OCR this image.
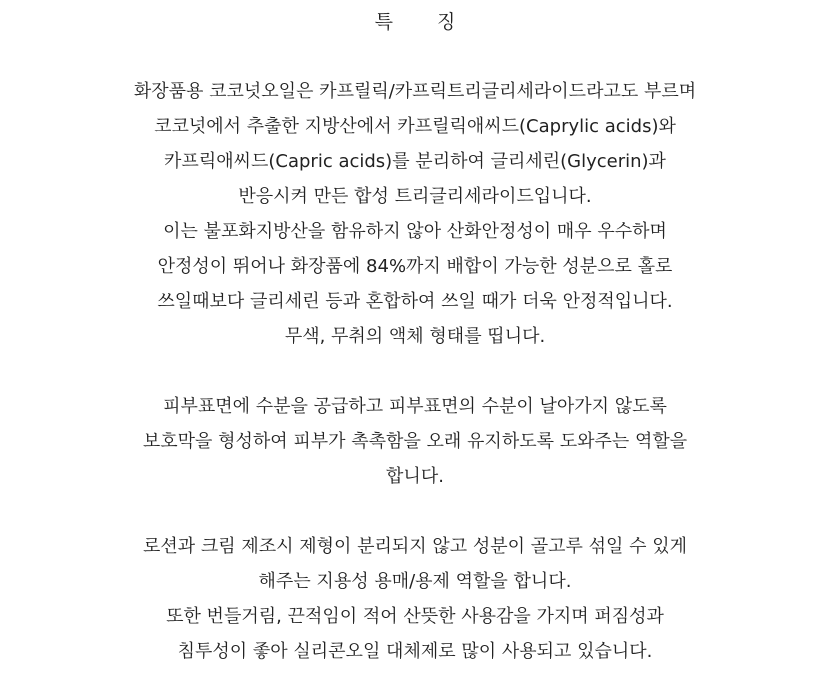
특 징
화장품용 코코넛오일은 카프릴릭/카프릭트리글리세라이드라고도 부르며
코코넛에서 추출한 지방산에서 카프릴릭애씨드(Caprylic acids)와
카프릭애씨드(Capric acids)를 분리하여 글리세린(Glycerin)과
반응시켜 만든 합성 트리글리세라이드입니다.
이는 불포화지방산을 함유하지 않아 산화안정성이 매우 우수하며
안정성이 뛰어나 화장품에 84%까지 배합이 가능한 성분으로 홀로
쓰일때보다 글리세린 등과 혼합하여 쓰일 때가 더욱 안정적입니다.
무색, 무취의 액체 형태를 띱니다.
피부표면에 수분을 공급하고 피부표면의 수분이 날아가지 않도록
보호막을 형성하여 피부가 촉촉함을 오래 유지하도록 도와주는 역할을
합니다.
로션과 크림 제조시 제형이 분리되지 않고 성분이 골고루 섞일 수 있게
해주는 지용성 용매/용제 역할을 합니다.
또한 번들거림, 끈적임이 적어 산뜻한 사용감을 가지며 퍼짐성과
침투성이 좋아 실리콘오일 대체제로 많이 사용되고 있습니다.
